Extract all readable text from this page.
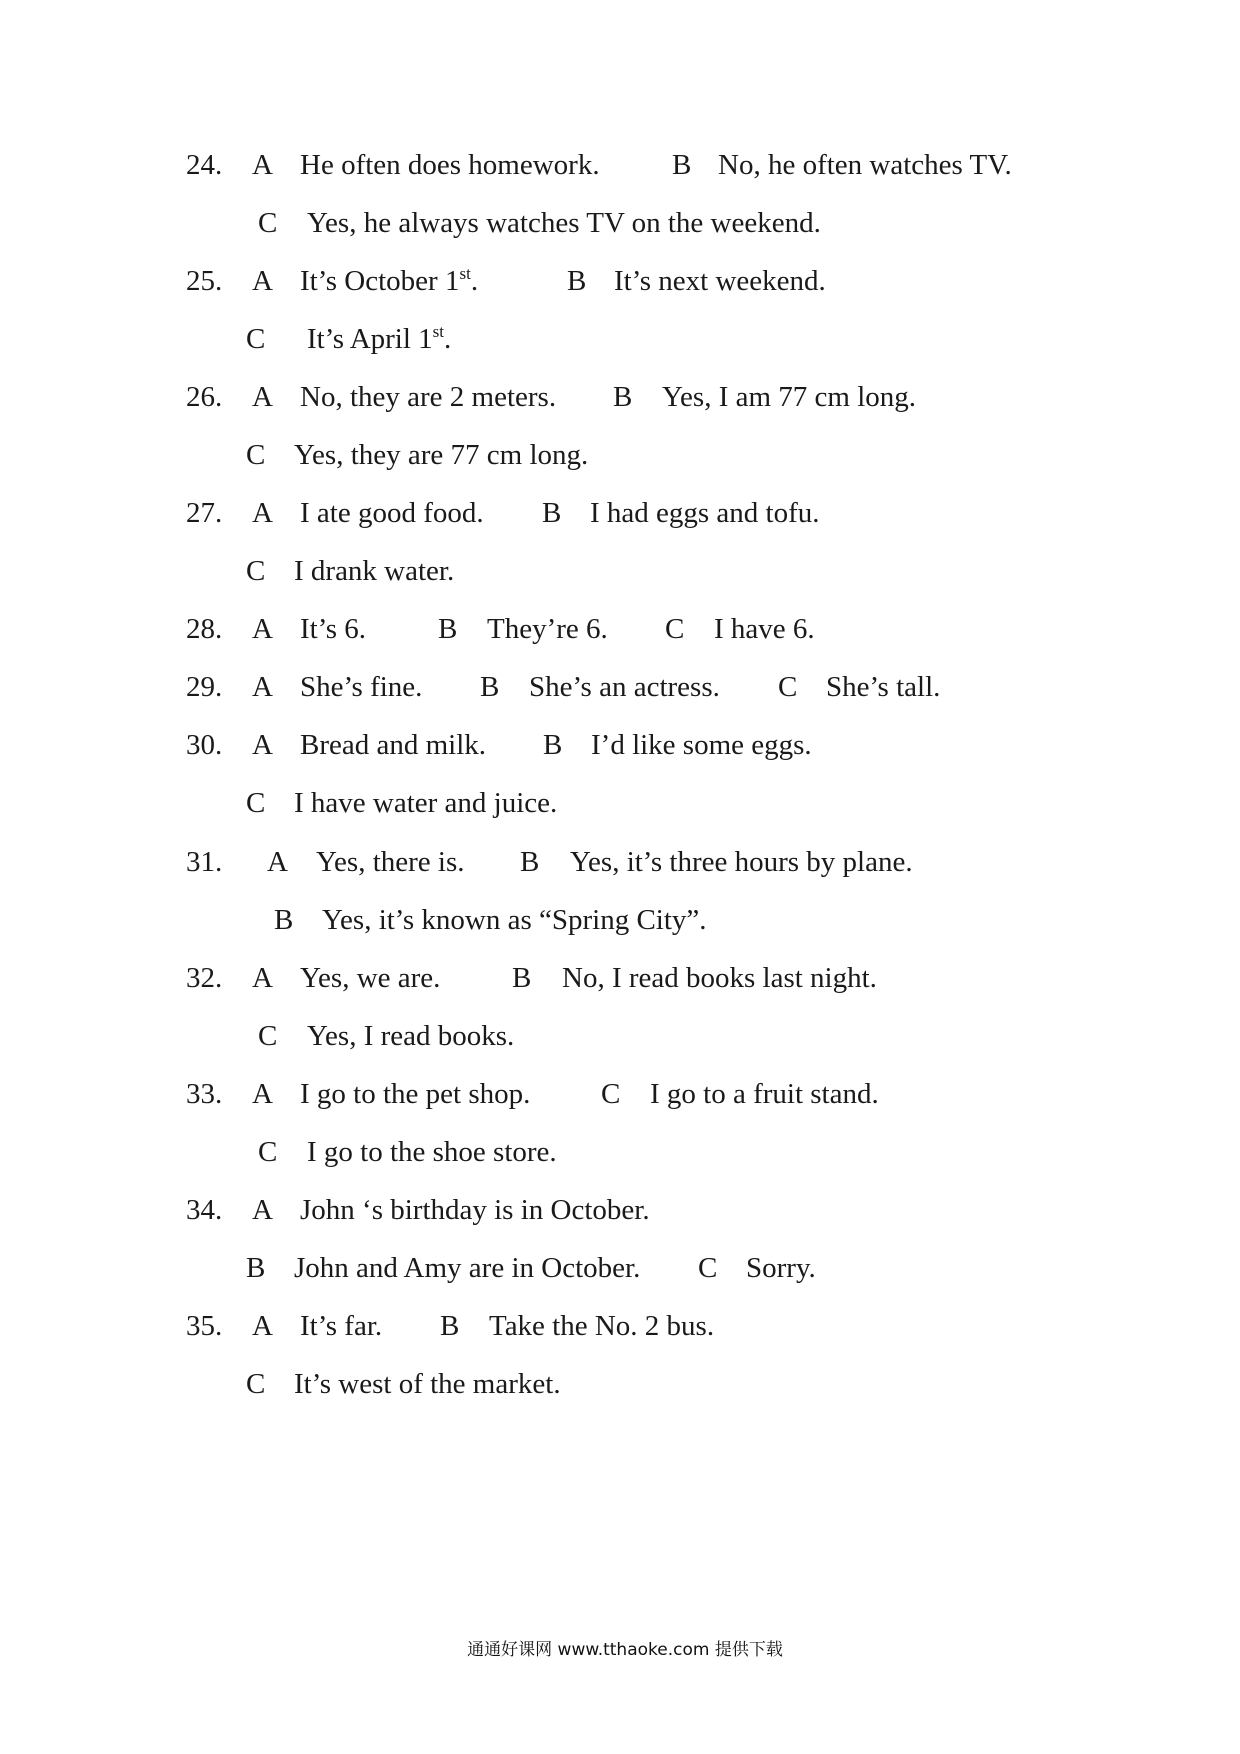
24. A He often does homework. B No, he often watches TV.
C Yes, he always watches TV on the weekend.
25. A It’s October 1st.	B It’s next weekend.
C It’s April 1st.
26. A No, they are 2 meters. B Yes, I am 77 cm long.
C Yes, they are 77 cm long.
27. A I ate good food. B I had eggs and tofu.
C I drank water.
28. A It’s 6. B They’re 6. C I have 6.
29. A She’s fine. B She’s an actress. C She’s tall.
30. A Bread and milk. B I’d like some eggs.
C I have water and juice.
31. A Yes, there is. B Yes, it’s three hours by plane.
B Yes, it’s known as “Spring City”.
32. A Yes, we are. B No, I read books last night.
C Yes, I read books.
33. A I go to the pet shop. C I go to a fruit stand.
C I go to the shoe store.
34. A John ‘s birthday is in October.
B John and Amy are in October. C Sorry.
35. A It’s far. B Take the No. 2 bus.
C It’s west of the market.
通通好课网 www.tthaoke.com 提供下载
